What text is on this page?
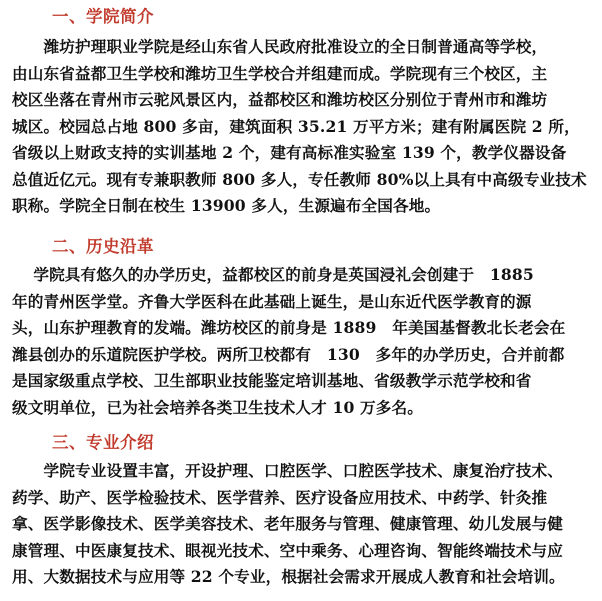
一、学院简介
　　潍坊护理职业学院是经山东省人民政府批准设立的全日制普通高等学校，
由山东省益都卫生学校和潍坊卫生学校合并组建而成。学院现有三个校区，主
校区坐落在青州市云驼风景区内，益都校区和潍坊校区分别位于青州市和潍坊
城区。校园总占地 800 多亩，建筑面积 35.21 万平方米；建有附属医院 2 所，
省级以上财政支持的实训基地 2 个，建有高标准实验室 139 个，教学仪器设备
总值近亿元。现有专兼职教师 800 多人，专任教师 80%以上具有中高级专业技术
职称。学院全日制在校生 13900 多人，生源遍布全国各地。
二、历史沿革
　 学院具有悠久的办学历史，益都校区的前身是英国浸礼会创建于　1885
年的青州医学堂。齐鲁大学医科在此基础上诞生，是山东近代医学教育的源
头，山东护理教育的发端。潍坊校区的前身是 1889　年美国基督教北长老会在
潍县创办的乐道院医护学校。两所卫校都有　130　多年的办学历史，合并前都
是国家级重点学校、卫生部职业技能鉴定培训基地、省级教学示范学校和省
级文明单位，已为社会培养各类卫生技术人才 10 万多名。
三、专业介绍
　　学院专业设置丰富，开设护理、口腔医学、口腔医学技术、康复治疗技术、
药学、助产、医学检验技术、医学营养、医疗设备应用技术、中药学、针灸推
拿、医学影像技术、医学美容技术、老年服务与管理、健康管理、幼儿发展与健
康管理、中医康复技术、眼视光技术、空中乘务、心理咨询、智能终端技术与应
用、大数据技术与应用等 22 个专业，根据社会需求开展成人教育和社会培训。
